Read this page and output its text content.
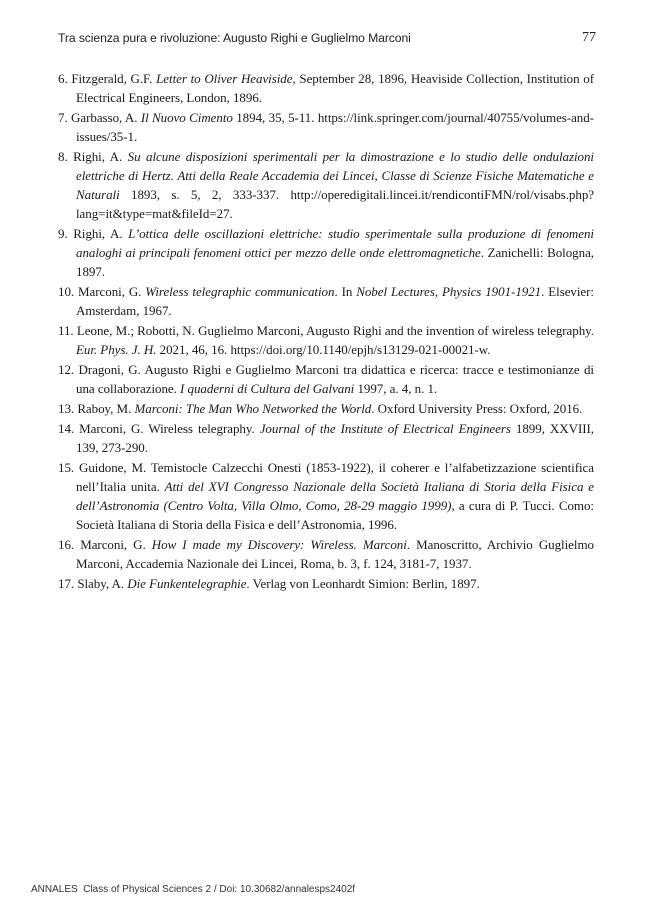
Tra scienza pura e rivoluzione: Augusto Righi e Guglielmo Marconi	77
6. Fitzgerald, G.F. Letter to Oliver Heaviside, September 28, 1896, Heaviside Collection, Institution of Electrical Engineers, London, 1896.
7. Garbasso, A. Il Nuovo Cimento 1894, 35, 5-11. https://link.springer.com/journal/40755/volumes-and-issues/35-1.
8. Righi, A. Su alcune disposizioni sperimentali per la dimostrazione e lo studio delle ondulazioni elettriche di Hertz. Atti della Reale Accademia dei Lincei, Classe di Scienze Fisiche Matematiche e Naturali 1893, s. 5, 2, 333-337. http://operedigitali.lincei.it/rendicontiFMN/rol/visabs.php?lang=it&type=mat&fileId=27.
9. Righi, A. L’ottica delle oscillazioni elettriche: studio sperimentale sulla produzione di fenomeni analoghi ai principali fenomeni ottici per mezzo delle onde elettromagnetiche. Zanichelli: Bologna, 1897.
10. Marconi, G. Wireless telegraphic communication. In Nobel Lectures, Physics 1901-1921. Elsevier: Amsterdam, 1967.
11. Leone, M.; Robotti, N. Guglielmo Marconi, Augusto Righi and the invention of wireless telegraphy. Eur. Phys. J. H. 2021, 46, 16. https://doi.org/10.1140/epjh/s13129-021-00021-w.
12. Dragoni, G. Augusto Righi e Guglielmo Marconi tra didattica e ricerca: tracce e testimonianze di una collaborazione. I quaderni di Cultura del Galvani 1997, a. 4, n. 1.
13. Raboy, M. Marconi: The Man Who Networked the World. Oxford University Press: Oxford, 2016.
14. Marconi, G. Wireless telegraphy. Journal of the Institute of Electrical Engineers 1899, XXVIII, 139, 273-290.
15. Guidone, M. Temistocle Calzecchi Onesti (1853-1922), il coherer e l’alfabetizzazione scientifica nell’Italia unita. Atti del XVI Congresso Nazionale della Società Italiana di Storia della Fisica e dell’Astronomia (Centro Volta, Villa Olmo, Como, 28-29 maggio 1999), a cura di P. Tucci. Como: Società Italiana di Storia della Fisica e dell’Astronomia, 1996.
16. Marconi, G. How I made my Discovery: Wireless. Marconi. Manoscritto, Archivio Guglielmo Marconi, Accademia Nazionale dei Lincei, Roma, b. 3, f. 124, 3181-7, 1937.
17. Slaby, A. Die Funkentelegraphie. Verlag von Leonhardt Simion: Berlin, 1897.
ANNALES  Class of Physical Sciences 2 / Doi: 10.30682/annalesps2402f
